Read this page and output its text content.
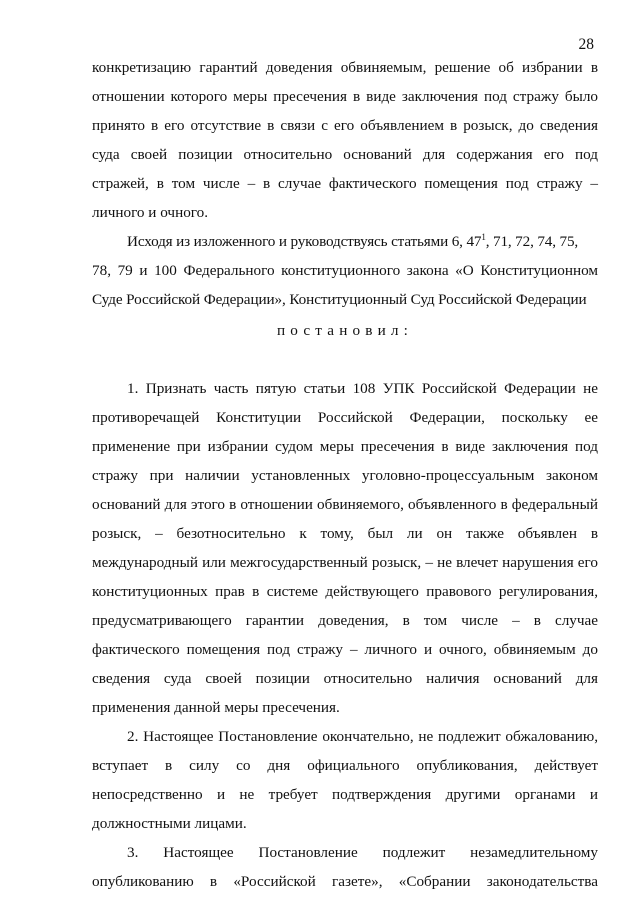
28
конкретизацию гарантий доведения обвиняемым, решение об избрании в
отношении которого меры пресечения в виде заключения под стражу было
принято в его отсутствие в связи с его объявлением в розыск, до сведения
суда своей позиции относительно оснований для содержания его под
стражей, в том числе – в случае фактического помещения под стражу –
личного и очного.
Исходя из изложенного и руководствуясь статьями 6, $47^1$, 71, 72, 74, 75,
78, 79 и 100 Федерального конституционного закона «О Конституционном
Суде Российской Федерации», Конституционный Суд Российской Федерации
постановил:
1. Признать часть пятую статьи 108 УПК Российской Федерации не
противоречащей Конституции Российской Федерации, поскольку ее
применение при избрании судом меры пресечения в виде заключения под
стражу при наличии установленных уголовно-процессуальным законом
оснований для этого в отношении обвиняемого, объявленного в федеральный
розыск, – безотносительно к тому, был ли он также объявлен в
международный или межгосударственный розыск, – не влечет нарушения его
конституционных прав в системе действующего правового регулирования,
предусматривающего гарантии доведения, в том числе – в случае
фактического помещения под стражу – личного и очного, обвиняемым до
сведения суда своей позиции относительно наличия оснований для
применения данной меры пресечения.
2. Настоящее Постановление окончательно, не подлежит обжалованию,
вступает в силу со дня официального опубликования, действует
непосредственно и не требует подтверждения другими органами и
должностными лицами.
3. Настоящее Постановление подлежит незамедлительному
опубликованию в «Российской газете», «Собрании законодательства
